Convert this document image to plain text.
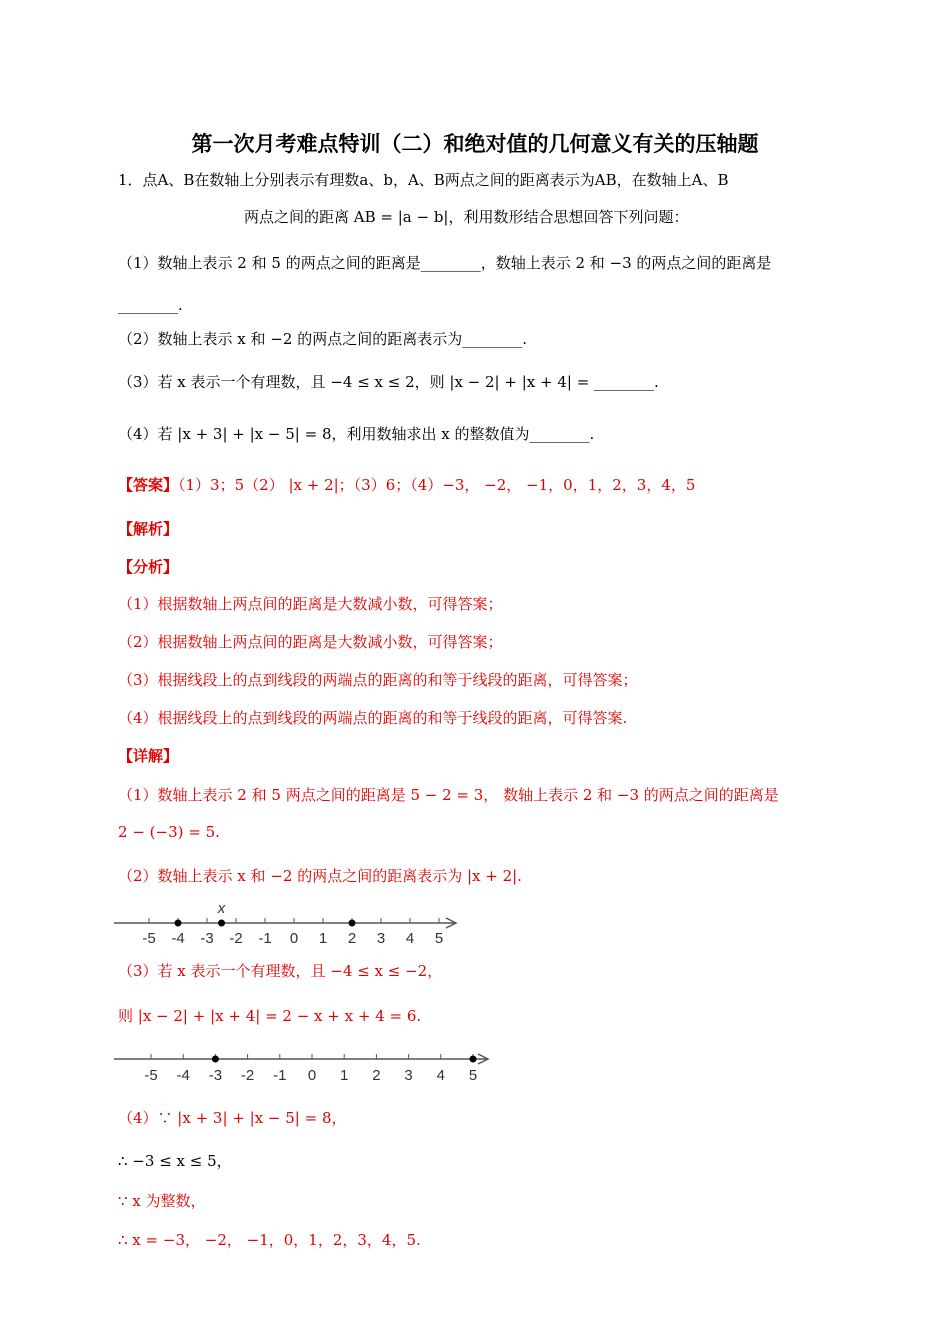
第一次月考难点特训（二）和绝对值的几何意义有关的压轴题
1．点A、B在数轴上分别表示有理数a、b，A、B两点之间的距离表示为AB，在数轴上A、B
两点之间的距离 AB = |a − b|，利用数形结合思想回答下列问题：
（1）数轴上表示 2 和 5 的两点之间的距离是________，数轴上表示 2 和 −3 的两点之间的距离是
________.
（2）数轴上表示 x 和 −2 的两点之间的距离表示为________.
（3）若 x 表示一个有理数，且 −4 ≤ x ≤ 2，则 |x − 2| + |x + 4| = ________.
（4）若 |x + 3| + |x − 5| = 8，利用数轴求出 x 的整数值为________.
【答案】（1）3；5（2） |x + 2|；（3）6；（4）−3， −2， −1，0，1，2，3，4，5
【解析】
【分析】
（1）根据数轴上两点间的距离是大数减小数，可得答案；
（2）根据数轴上两点间的距离是大数减小数，可得答案；
（3）根据线段上的点到线段的两端点的距离的和等于线段的距离，可得答案；
（4）根据线段上的点到线段的两端点的距离的和等于线段的距离，可得答案.
【详解】
（1）数轴上表示 2 和 5 两点之间的距离是 5 − 2 = 3， 数轴上表示 2 和 −3 的两点之间的距离是
2 − (−3) = 5.
（2）数轴上表示 x 和 −2 的两点之间的距离表示为 |x + 2|.
-5 -4 -3 -2 -1 0 1 2 3 4 5
x
（3）若 x 表示一个有理数，且 −4 ≤ x ≤ −2，
则 |x − 2| + |x + 4| = 2 − x + x + 4 = 6.
-5 -4 -3 -2 -1 0 1 2 3 4 5
（4）∵ |x + 3| + |x − 5| = 8，
∴ −3 ≤ x ≤ 5，
∵ x 为整数，
∴ x = −3， −2， −1，0，1，2，3，4，5.
